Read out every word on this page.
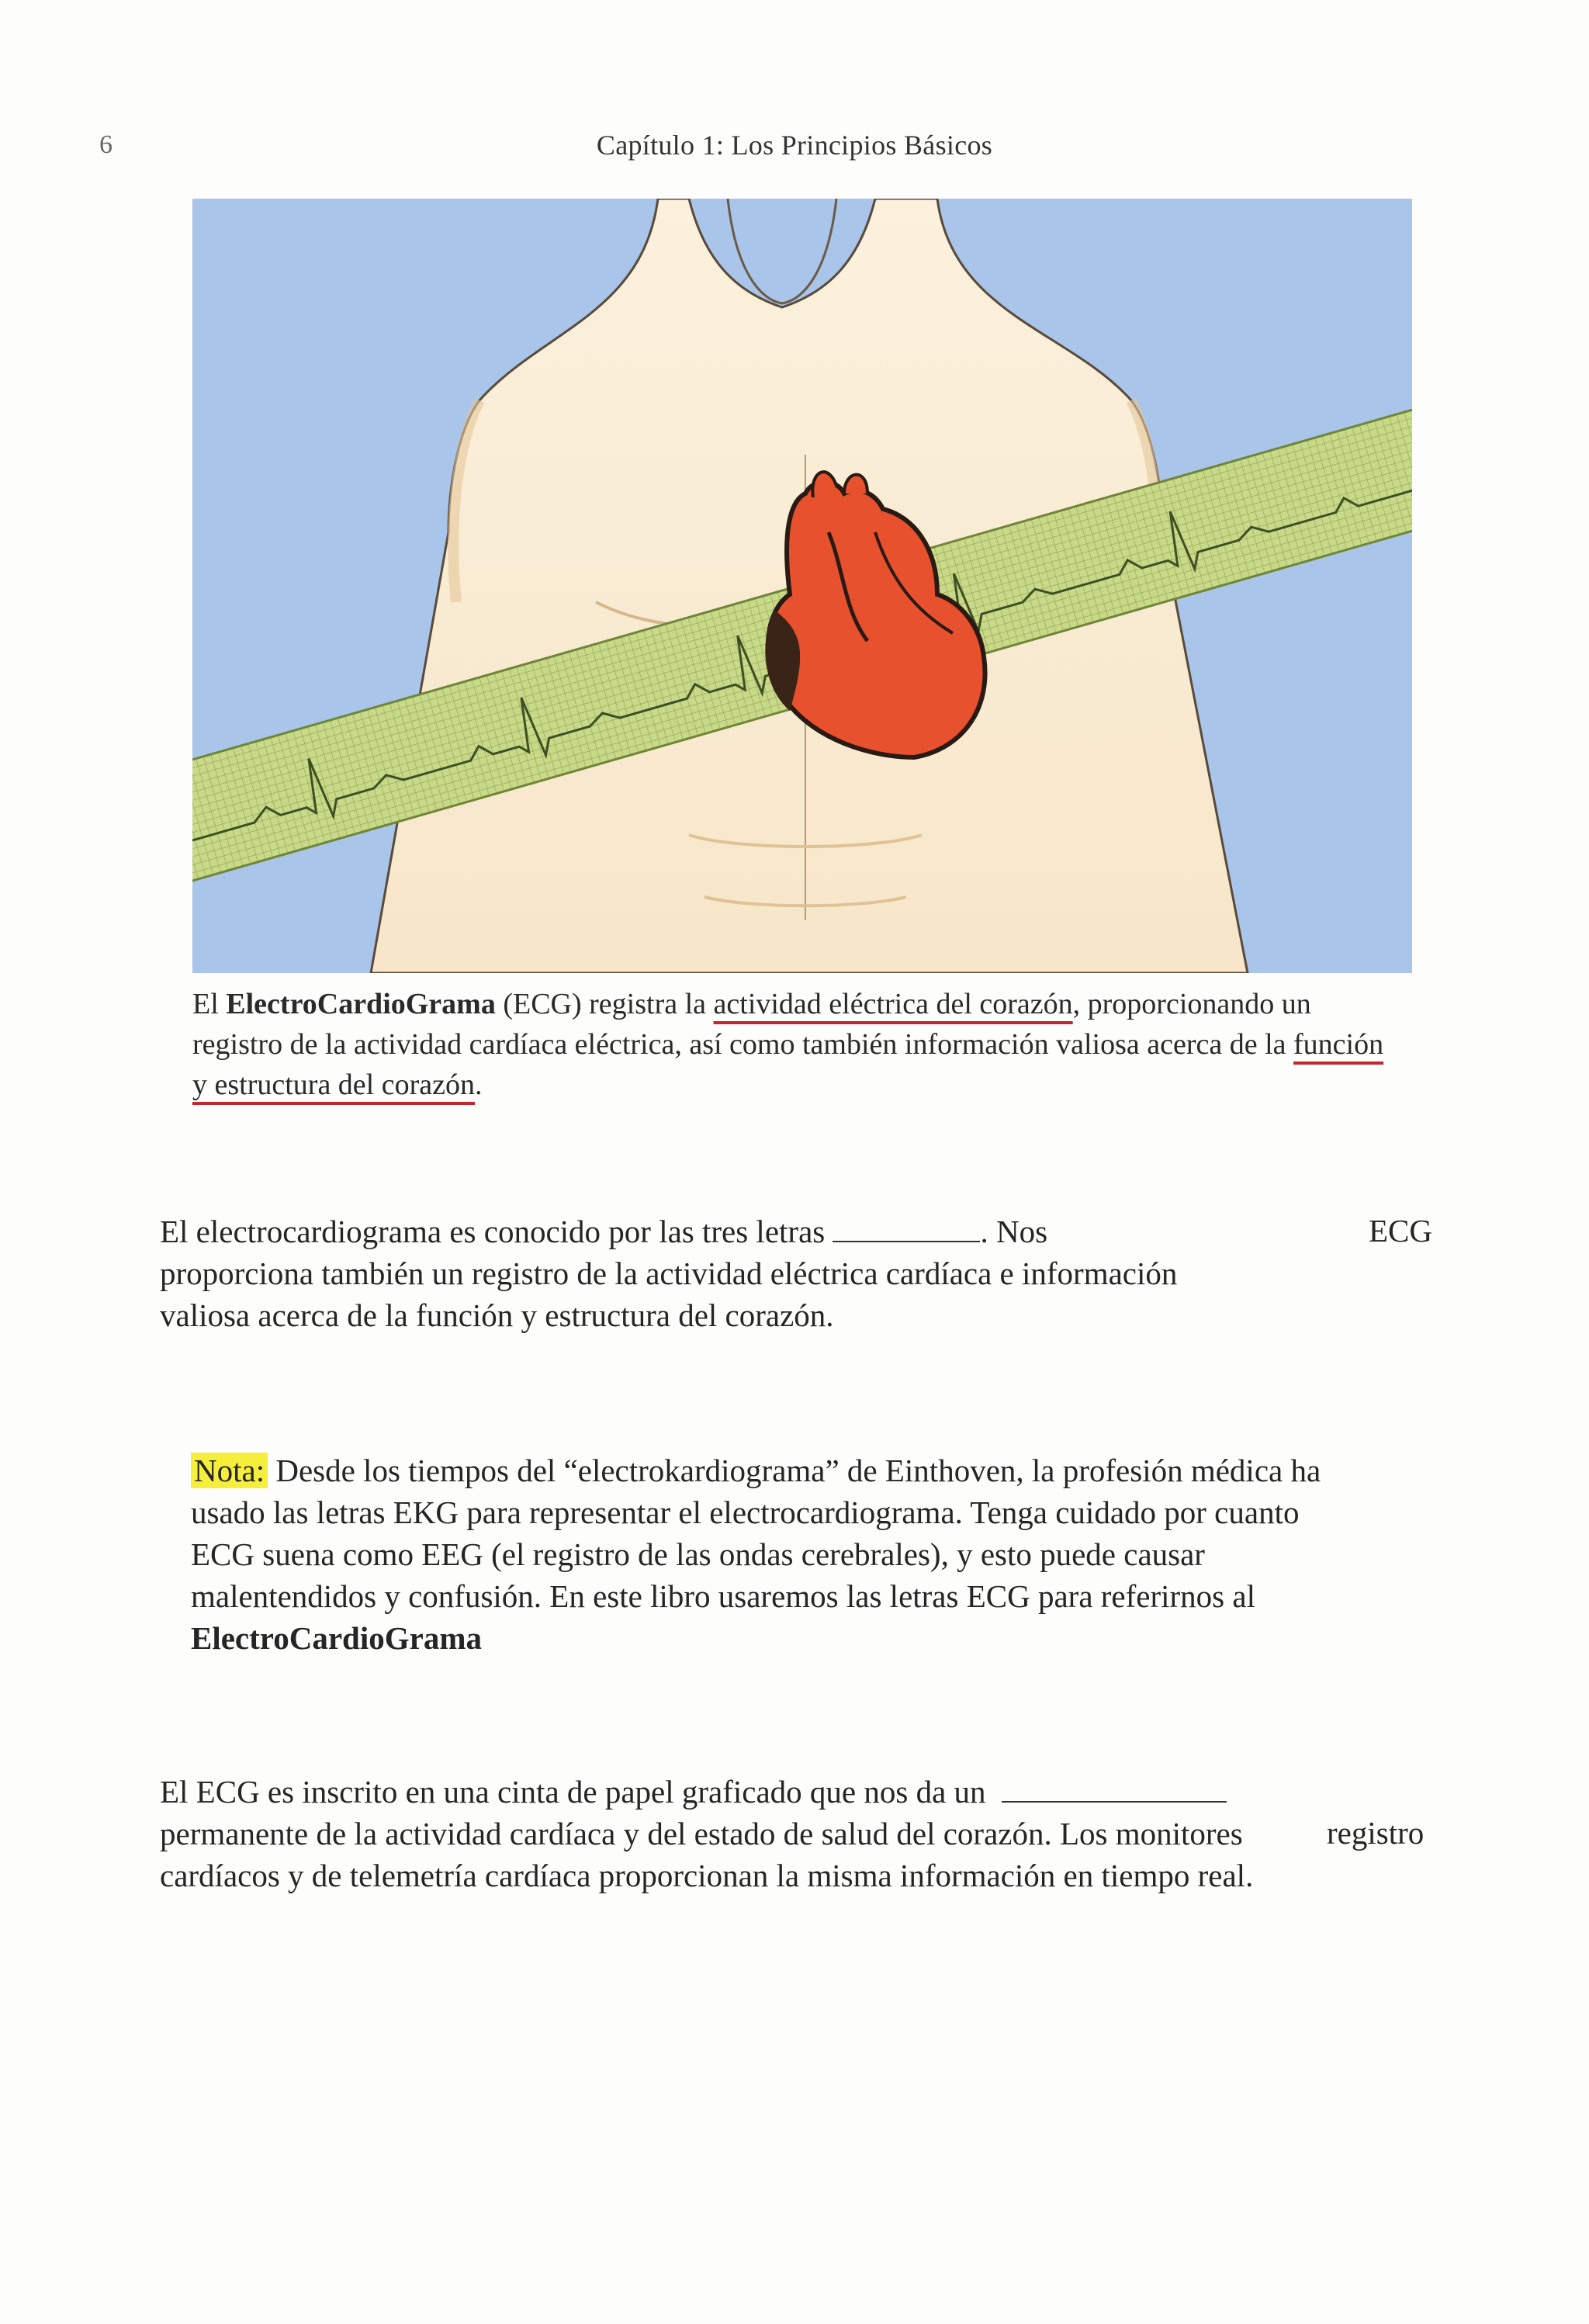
6	Capítulo 1: Los Principios Básicos
El ElectroCardioGrama (ECG) registra la actividad eléctrica del corazón, proporcionando un registro de la actividad cardíaca eléctrica, así como también información valiosa acerca de la función y estructura del corazón.
El electrocardiograma es conocido por las tres letras	. Nos proporciona también un registro de la actividad eléctrica cardíaca e información valiosa acerca de la función y estructura del corazón.
ECG
Nota: Desde los tiempos del “electrokardiograma” de Einthoven, la profesión médica ha usado las letras EKG para representar el electrocardiograma. Tenga cuidado por cuanto ECG suena como EEG (el registro de las ondas cerebrales), y esto puede causar malentendidos y confusión. En este libro usaremos las letras ECG para referirnos al ElectroCardioGrama
El ECG es inscrito en una cinta de papel graficado que nos da un permanente de la actividad cardíaca y del estado de salud del corazón. Los monitores cardíacos y de telemetría cardíaca proporcionan la misma información en tiempo real.
registro
